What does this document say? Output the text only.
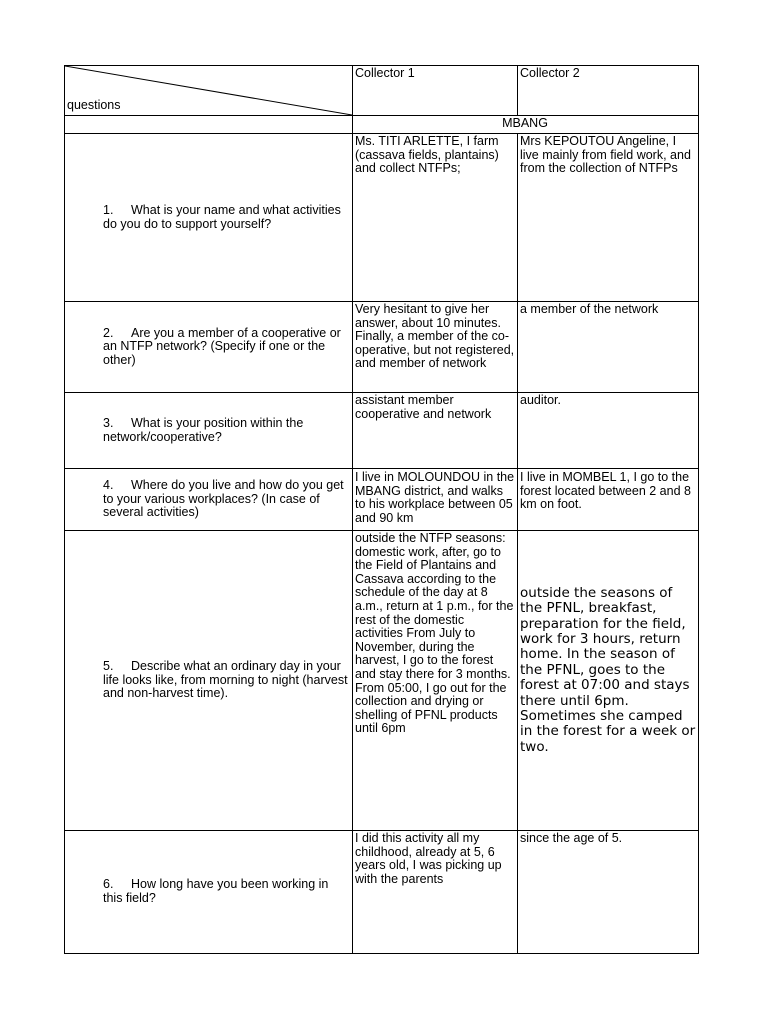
questions
Collector 1	Collector 2
MBANG
1. What is your name and what activities do you do to support yourself?
Ms. TITI ARLETTE, I farm (cassava fields, plantains) and collect NTFPs;
Mrs KEPOUTOU Angeline, I live mainly from field work, and from the collection of NTFPs
2. Are you a member of a cooperative or an NTFP network? (Specify if one or the other)
Very hesitant to give her answer, about 10 minutes. Finally, a member of the co-operative, but not registered, and member of network
a member of the network
3. What is your position within the network/cooperative?
assistant member cooperative and network
auditor.
4. Where do you live and how do you get to your various workplaces? (In case of several activities)
I live in MOLOUNDOU in the MBANG district, and walks to his workplace between 05 and 90 km
I live in MOMBEL 1, I go to the forest located between 2 and 8 km on foot.
5. Describe what an ordinary day in your life looks like, from morning to night (harvest and non-harvest time).
outside the NTFP seasons: domestic work, after, go to the Field of Plantains and Cassava according to the schedule of the day at 8 a.m., return at 1 p.m., for the rest of the domestic activities From July to November, during the harvest, I go to the forest and stay there for 3 months. From 05:00, I go out for the collection and drying or shelling of PFNL products until 6pm
outside the seasons of the PFNL, breakfast, preparation for the field, work for 3 hours, return home. In the season of the PFNL, goes to the forest at 07:00 and stays there until 6pm. Sometimes she camped in the forest for a week or two.
6. How long have you been working in this field?
I did this activity all my childhood, already at 5, 6 years old, I was picking up with the parents
since the age of 5.
